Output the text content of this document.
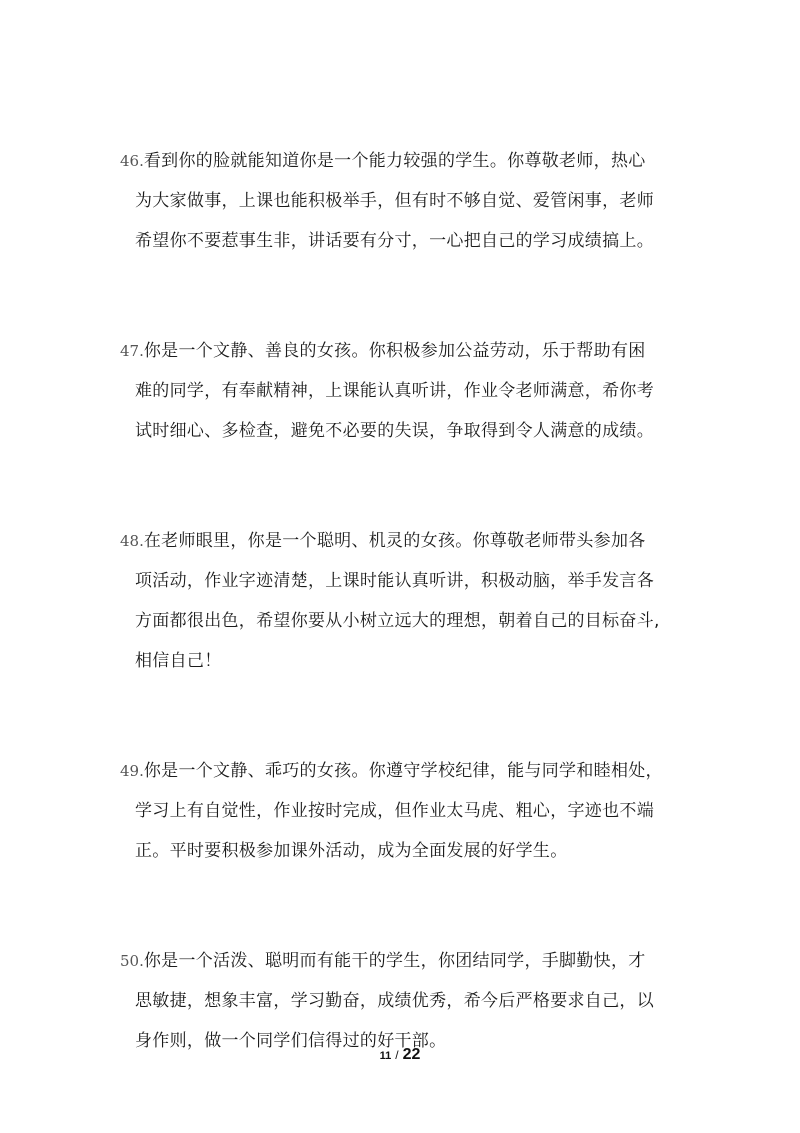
46.看到你的脸就能知道你是一个能力较强的学生。你尊敬老师，热心
为大家做事，上课也能积极举手，但有时不够自觉、爱管闲事，老师
希望你不要惹事生非，讲话要有分寸，一心把自己的学习成绩搞上。
47.你是一个文静、善良的女孩。你积极参加公益劳动，乐于帮助有困
难的同学，有奉献精神，上课能认真听讲，作业令老师满意，希你考
试时细心、多检查，避免不必要的失误，争取得到令人满意的成绩。
48.在老师眼里，你是一个聪明、机灵的女孩。你尊敬老师带头参加各
项活动，作业字迹清楚，上课时能认真听讲，积极动脑，举手发言各
方面都很出色，希望你要从小树立远大的理想，朝着自己的目标奋斗,
相信自己！
49.你是一个文静、乖巧的女孩。你遵守学校纪律，能与同学和睦相处，
学习上有自觉性，作业按时完成，但作业太马虎、粗心，字迹也不端
正。平时要积极参加课外活动，成为全面发展的好学生。
50.你是一个活泼、聪明而有能干的学生，你团结同学，手脚勤快，才
思敏捷，想象丰富，学习勤奋，成绩优秀，希今后严格要求自己，以
身作则，做一个同学们信得过的好干部。
11 / 22
